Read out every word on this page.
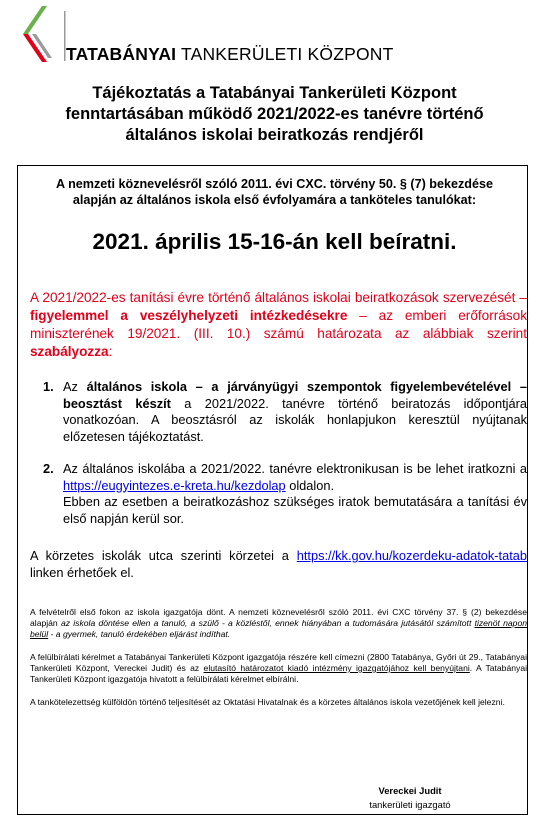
TATABÁNYAI TANKERÜLETI KÖZPONT
Tájékoztatás a Tatabányai Tankerületi Központ
fenntartásában működő 2021/2022-es tanévre történő
általános iskolai beiratkozás rendjéről
A nemzeti köznevelésről szóló 2011. évi CXC. törvény 50. § (7) bekezdése
alapján az általános iskola első évfolyamára a tanköteles tanulókat:
2021. április 15-16-án kell beíratni.
A 2021/2022-es tanítási évre történő általános iskolai beiratkozások szervezését – figyelemmel a veszélyhelyzeti intézkedésekre – az emberi erőforrások miniszterének 19/2021. (III. 10.) számú határozata az alábbiak szerint szabályozza:
1. Az általános iskola – a járványügyi szempontok figyelembevételével – beosztást készít a 2021/2022. tanévre történő beiratozás időpontjára vonatkozóan. A beosztásról az iskolák honlapjukon keresztül nyújtanak előzetesen tájékoztatást.
2. Az általános iskolába a 2021/2022. tanévre elektronikusan is be lehet iratkozni a https://eugyintezes.e-kreta.hu/kezdolap oldalon.
Ebben az esetben a beiratkozáshoz szükséges iratok bemutatására a tanítási év első napján kerül sor.
A körzetes iskolák utca szerinti körzetei a https://kk.gov.hu/kozerdeku-adatok-tatab linken érhetőek el.
A felvételről első fokon az iskola igazgatója dönt. A nemzeti köznevelésről szóló 2011. évi CXC törvény 37. § (2) bekezdése alapján az iskola döntése ellen a tanuló, a szülő - a közléstől, ennek hiányában a tudomására jutásától számított tizenöt napon belül - a gyermek, tanuló érdekében eljárást indíthat.
A felülbírálati kérelmet a Tatabányai Tankerületi Központ igazgatója részére kell címezni (2800 Tatabánya, Győri út 29., Tatabányai Tankerületi Központ, Vereckei Judit) és az elutasító határozatot kiadó intézmény igazgatójához kell benyújtani. A Tatabányai Tankerületi Központ igazgatója hivatott a felülbírálati kérelmet elbírálni.
A tankötelezettség külföldön történő teljesítését az Oktatási Hivatalnak és a körzetes általános iskola vezetőjének kell jelezni.
Vereckei Judit
tankerületi igazgató
